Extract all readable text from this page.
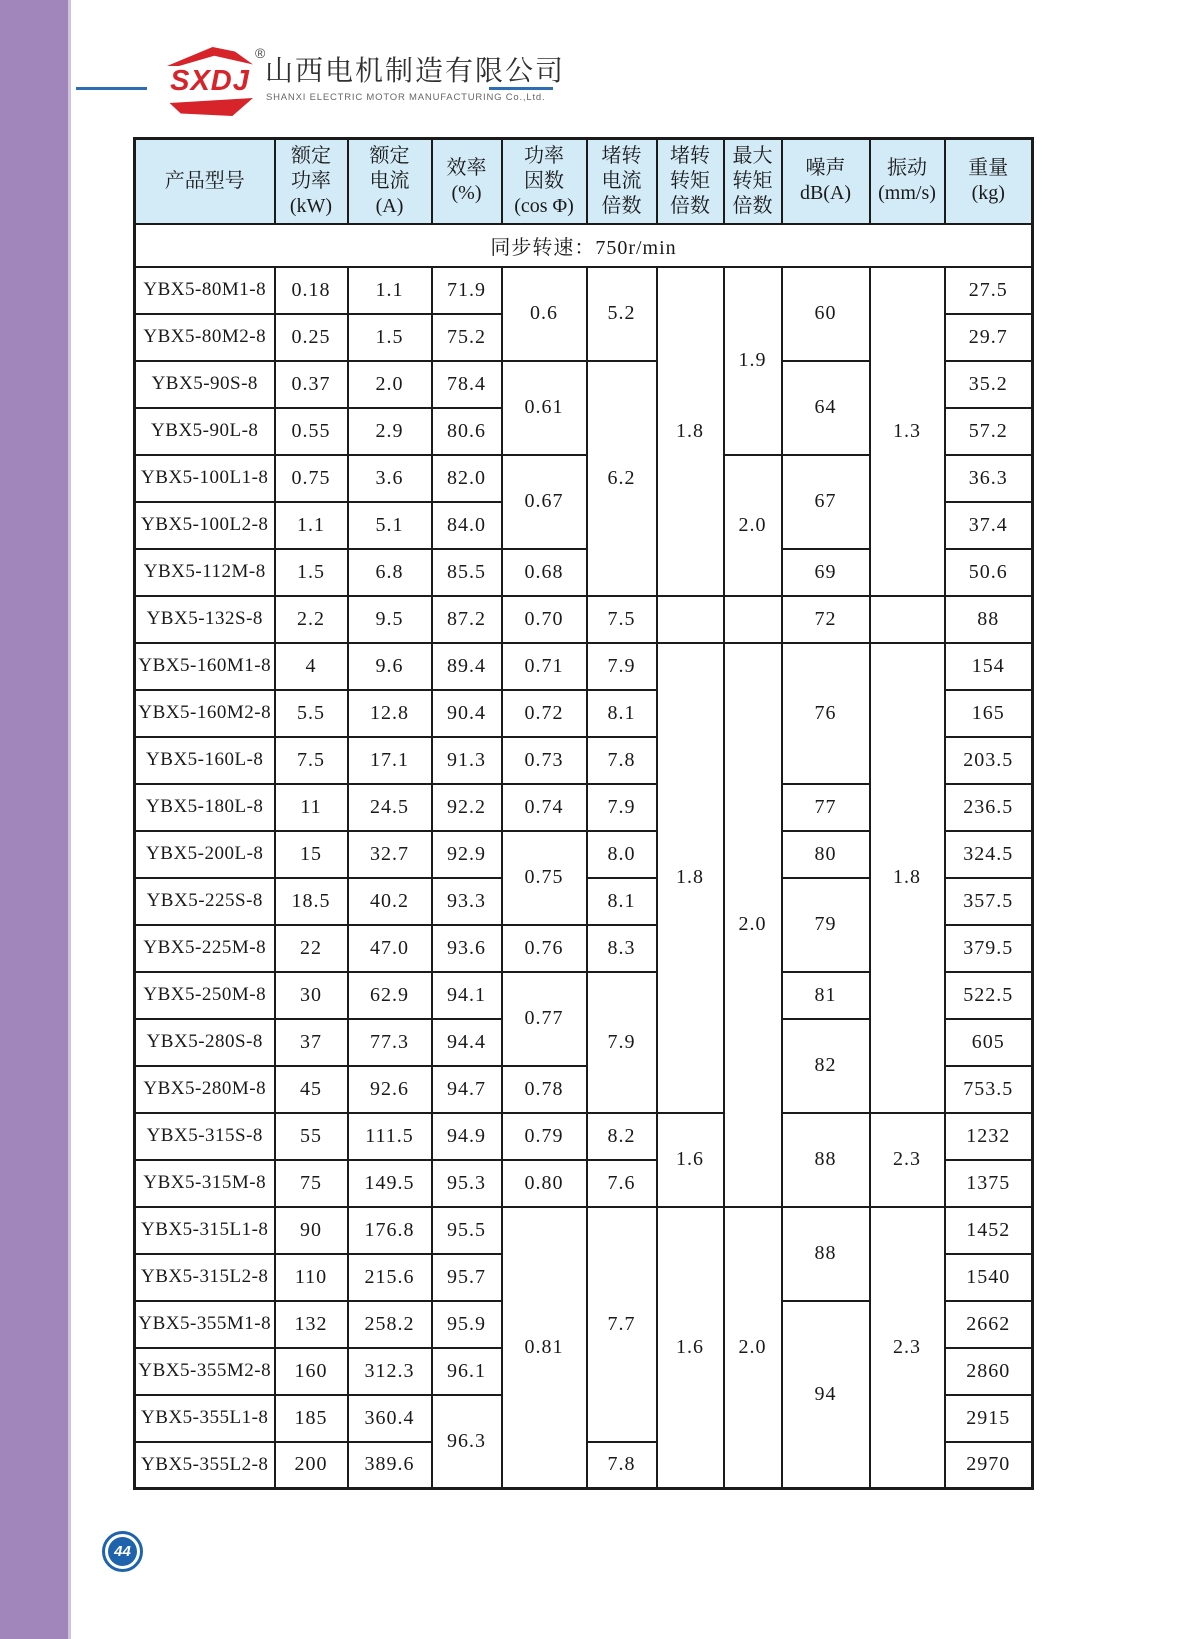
SXDJ
®
山西电机制造有限公司
SHANXI ELECTRIC MOTOR MANUFACTURING Co.,Ltd.
产品型号

额定
功率
(kW)

额定
电流
(A)

效率
(%)

功率
因数
(cos Φ)

堵转
电流
倍数

堵转
转矩
倍数

最大
转矩
倍数

噪声
dB(A)

振动
(mm/s)

重量
(kg)

同步转速：750r/min										
YBX5-80M1-8	0.18	1.1	71.9	0.6	5.2	1.8	1.9	60	1.3	27.5
YBX5-80M2-8	0.25	1.5	75.2							29.7
YBX5-90S-8	0.37	2.0	78.4	0.61	6.2			64		35.2
YBX5-90L-8	0.55	2.9	80.6							57.2
YBX5-100L1-8	0.75	3.6	82.0	0.67			2.0	67		36.3
YBX5-100L2-8	1.1	5.1	84.0							37.4
YBX5-112M-8	1.5	6.8	85.5	0.68				69		50.6
YBX5-132S-8	2.2	9.5	87.2	0.70	7.5			72		88
YBX5-160M1-8	4	9.6	89.4	0.71	7.9	1.8	2.0	76	1.8	154
YBX5-160M2-8	5.5	12.8	90.4	0.72	8.1					165
YBX5-160L-8	7.5	17.1	91.3	0.73	7.8					203.5
YBX5-180L-8	11	24.5	92.2	0.74	7.9			77		236.5
YBX5-200L-8	15	32.7	92.9	0.75	8.0			80		324.5
YBX5-225S-8	18.5	40.2	93.3		8.1			79		357.5
YBX5-225M-8	22	47.0	93.6	0.76	8.3					379.5
YBX5-250M-8	30	62.9	94.1	0.77	7.9			81		522.5
YBX5-280S-8	37	77.3	94.4					82		605
YBX5-280M-8	45	92.6	94.7	0.78						753.5
YBX5-315S-8	55	111.5	94.9	0.79	8.2	1.6		88	2.3	1232
YBX5-315M-8	75	149.5	95.3	0.80	7.6					1375
YBX5-315L1-8	90	176.8	95.5	0.81	7.7	1.6	2.0	88	2.3	1452
YBX5-315L2-8	110	215.6	95.7							1540
YBX5-355M1-8	132	258.2	95.9					94		2662
YBX5-355M2-8	160	312.3	96.1							2860
YBX5-355L1-8	185	360.4	96.3							2915
YBX5-355L2-8	200	389.6			7.8					2970
44
